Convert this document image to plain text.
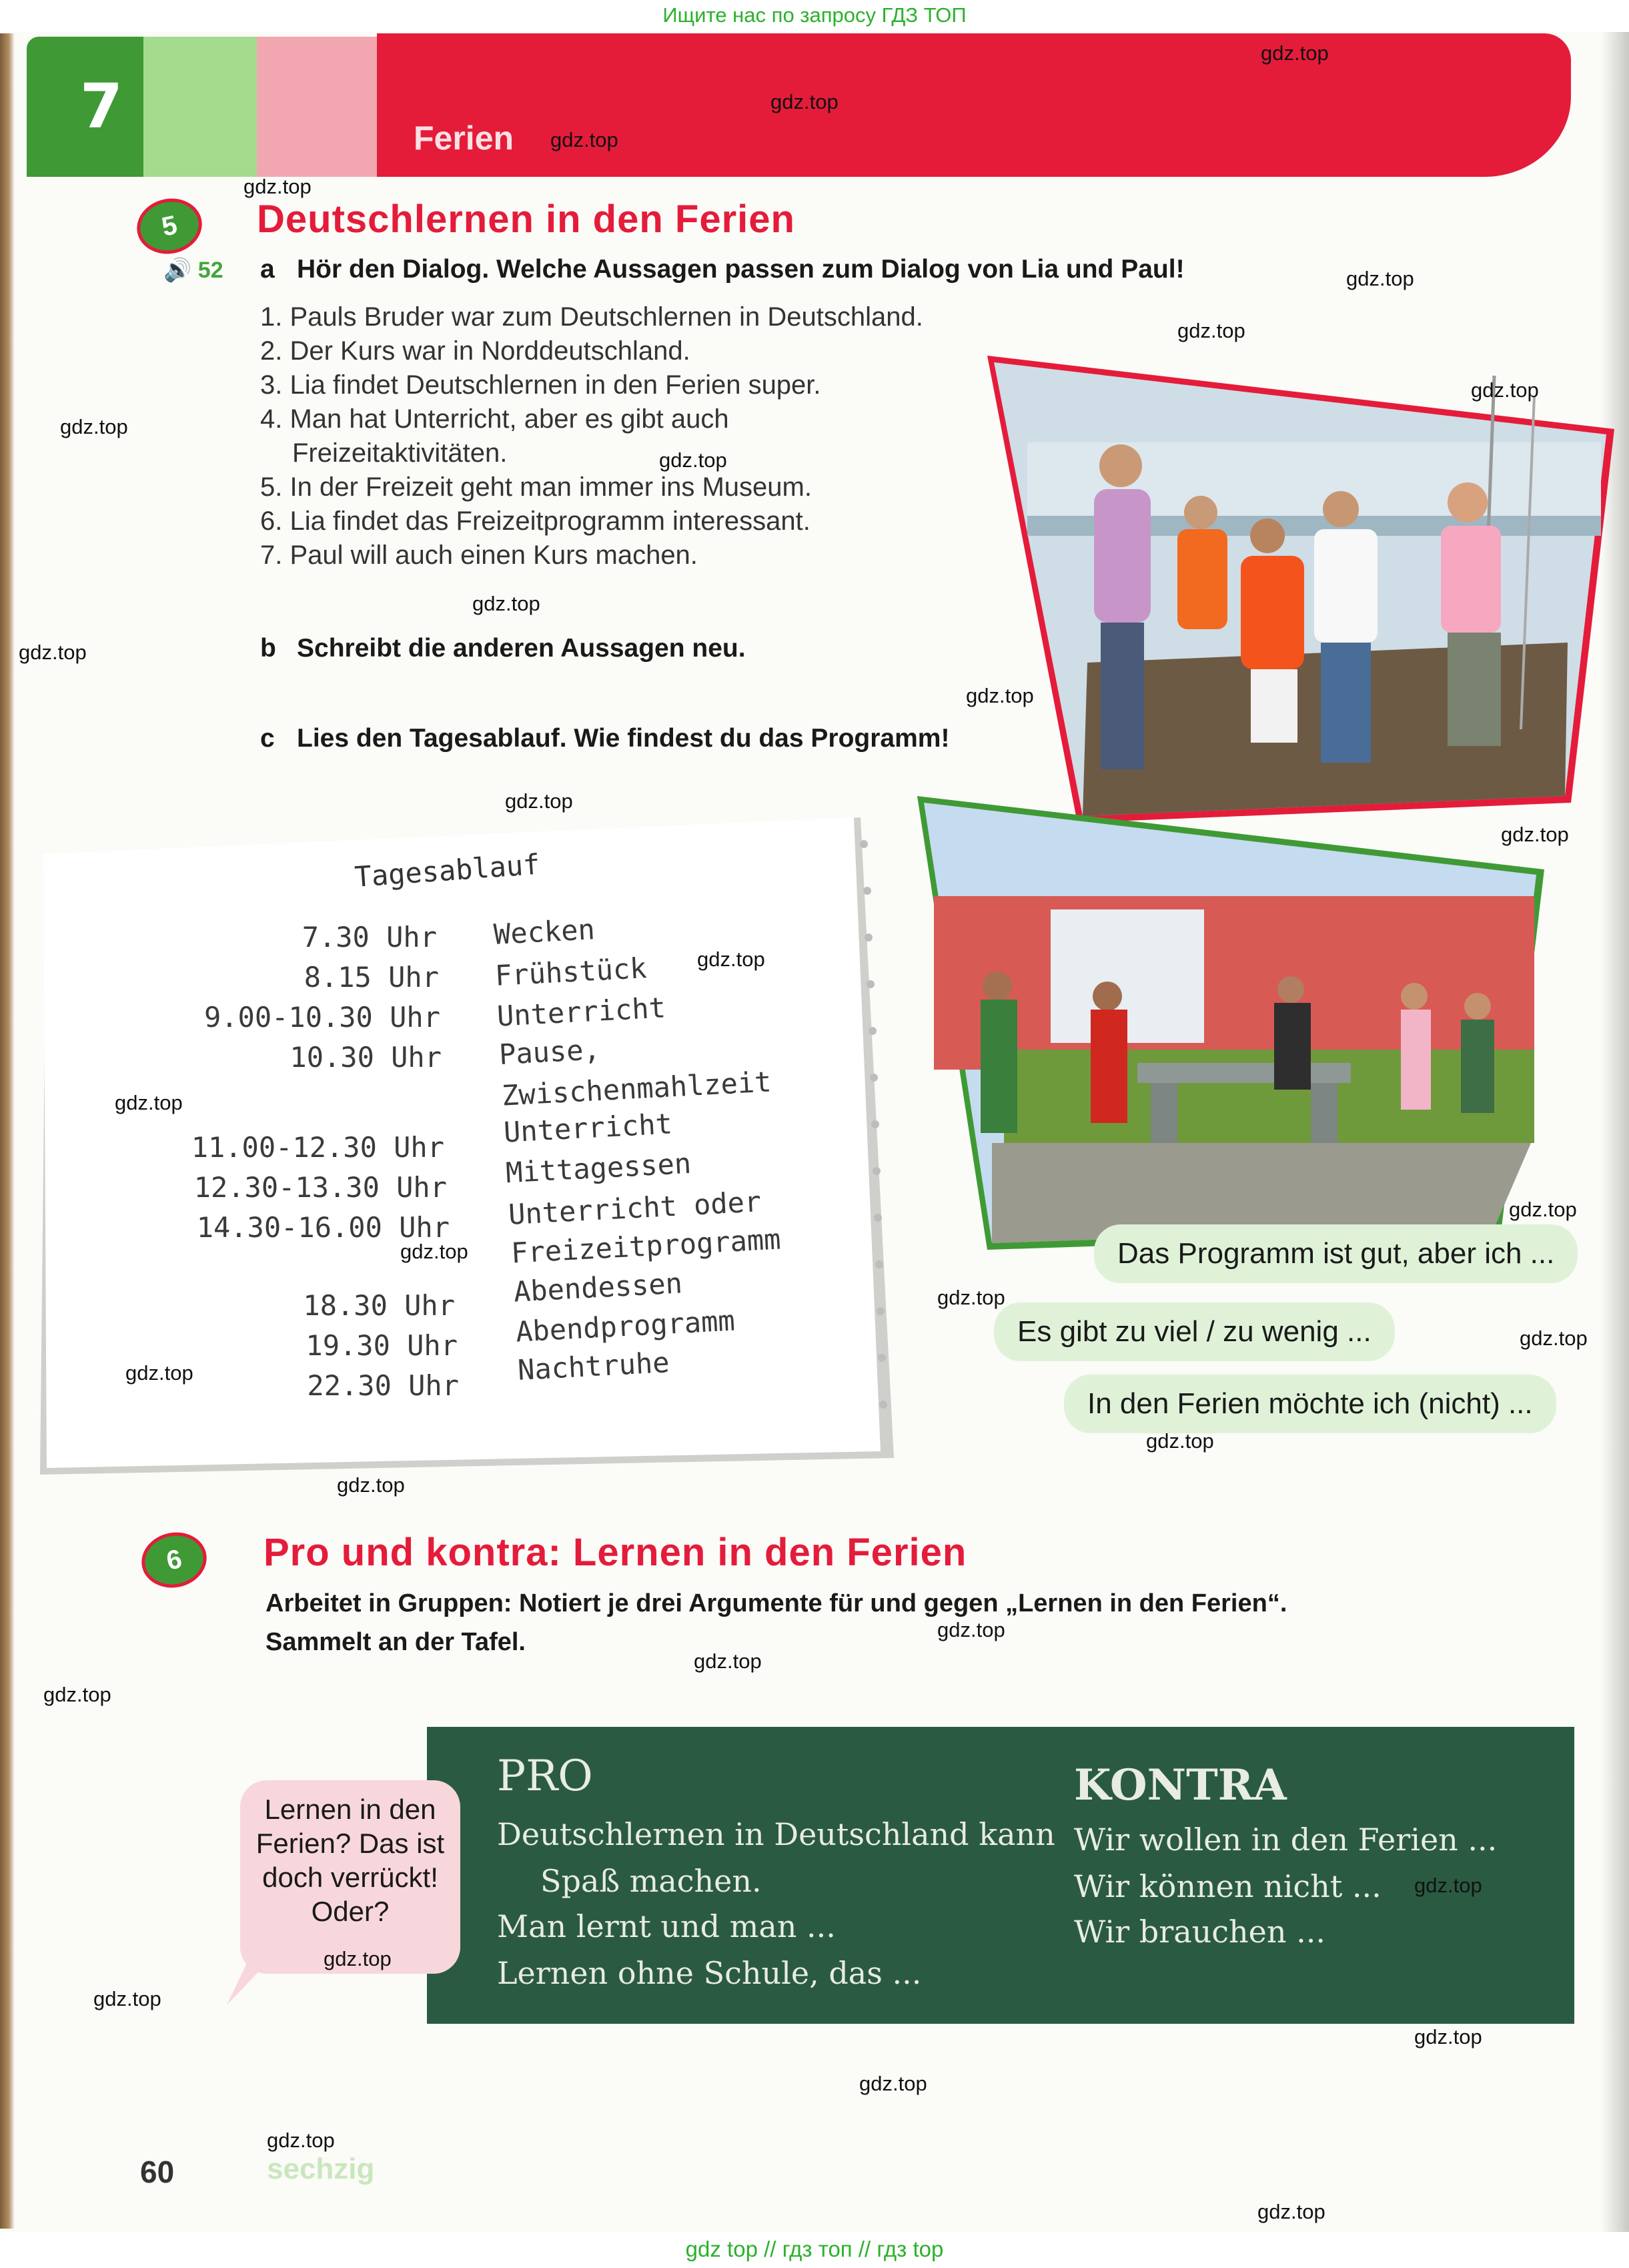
Ищите нас по запросу ГДЗ ТОП
7	Ferien
5	Deutschlernen in den Ferien
🔊 52 a Hör den Dialog. Welche Aussagen passen zum Dialog von Lia und Paul!
1. Pauls Bruder war zum Deutschlernen in Deutschland.
2. Der Kurs war in Norddeutschland.
3. Lia findet Deutschlernen in den Ferien super.
4. Man hat Unterricht, aber es gibt auch Freizeitaktivitäten.
5. In der Freizeit geht man immer ins Museum.
6. Lia findet das Freizeitprogramm interessant.
7. Paul will auch einen Kurs machen.
b Schreibt die anderen Aussagen neu.
c Lies den Tagesablauf. Wie findest du das Programm!
Tagesablauf
7.30 Uhr Wecken
8.15 Uhr Frühstück
9.00-10.30 Uhr Unterricht
10.30 Uhr Pause,
Zwischenmahlzeit
11.00-12.30 Uhr Unterricht
12.30-13.30 Uhr Mittagessen
14.30-16.00 Uhr Unterricht oder
Freizeitprogramm
18.30 Uhr Abendessen
19.30 Uhr Abendprogramm
22.30 Uhr Nachtruhe
Das Programm ist gut, aber ich ...
Es gibt zu viel / zu wenig ...
In den Ferien möchte ich (nicht) ...
6	Pro und kontra: Lernen in den Ferien
Arbeitet in Gruppen: Notiert je drei Argumente für und gegen „Lernen in den Ferien“.
Sammelt an der Tafel.
PRO
Deutschlernen in Deutschland kann
Spaß machen.
Man lernt und man ...
Lernen ohne Schule, das ...
KONTRA
Wir wollen in den Ferien ...
Wir können nicht ...
Wir brauchen ...
Lernen in den
Ferien? Das ist
doch verrückt!
Oder?
60	sechzig
gdz.top
gdz.top
gdz.top
gdz.top
gdz.top
gdz.top
gdz.top
gdz.top
gdz.top
gdz.top
gdz.top
gdz.top
gdz.top
gdz.top
gdz.top
gdz.top
gdz.top
gdz.top
gdz.top
gdz.top
gdz.top
gdz.top
gdz.top
gdz.top
gdz.top
gdz.top
gdz.top
gdz.top
gdz.top
gdz.top
gdz.top
gdz.top
gdz.top
gdz top // гдз топ // гдз top
